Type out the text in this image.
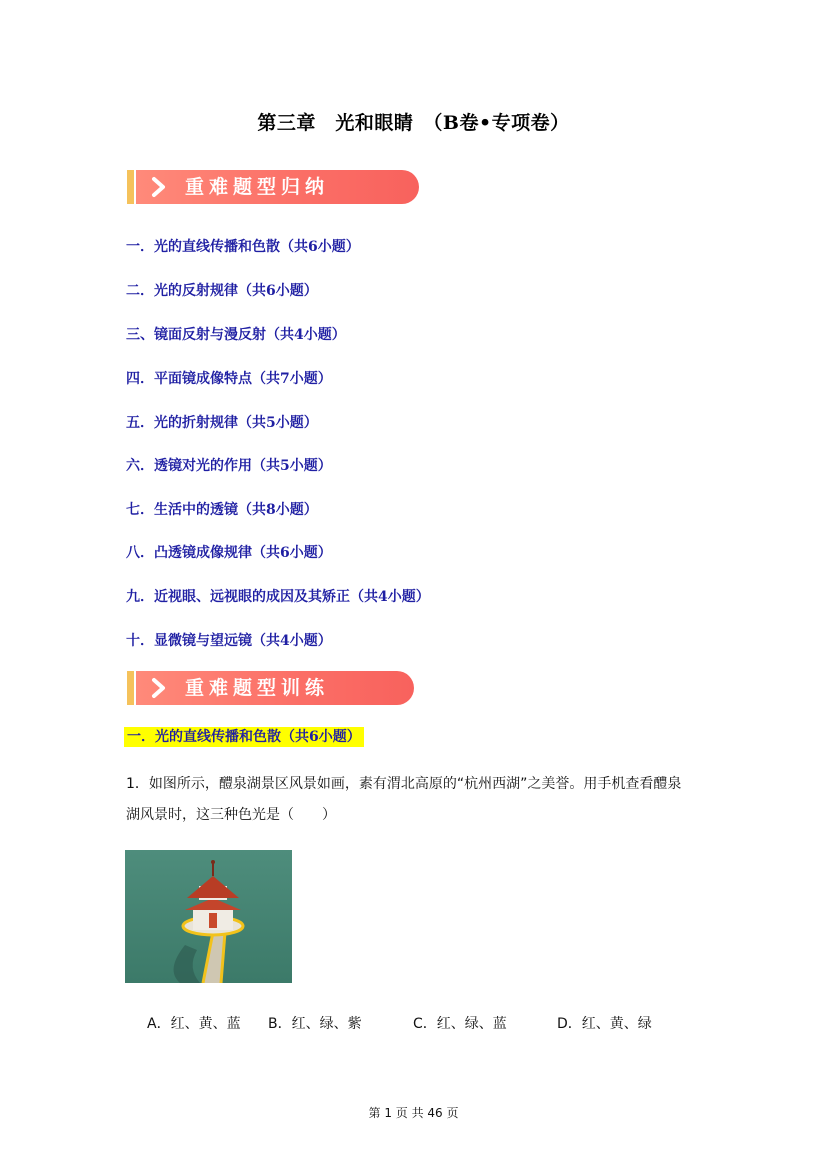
第三章　光和眼睛　（B卷•专项卷）
重难题型归纳
一．光的直线传播和色散（共6小题）
二．光的反射规律（共6小题）
三、镜面反射与漫反射（共4小题）
四．平面镜成像特点（共7小题）
五．光的折射规律（共5小题）
六．透镜对光的作用（共5小题）
七．生活中的透镜（共8小题）
八．凸透镜成像规律（共6小题）
九．近视眼、远视眼的成因及其矫正（共4小题）
十．显微镜与望远镜（共4小题）
重难题型训练
一．光的直线传播和色散（共6小题）
1．如图所示，醴泉湖景区风景如画，素有渭北高原的“杭州西湖”之美誉。用手机查看醴泉
湖风景时，这三种色光是（　　）
A．红、黄、蓝 B．红、绿、紫	C．红、绿、蓝	D．红、黄、绿
第 1 页 共 46 页
